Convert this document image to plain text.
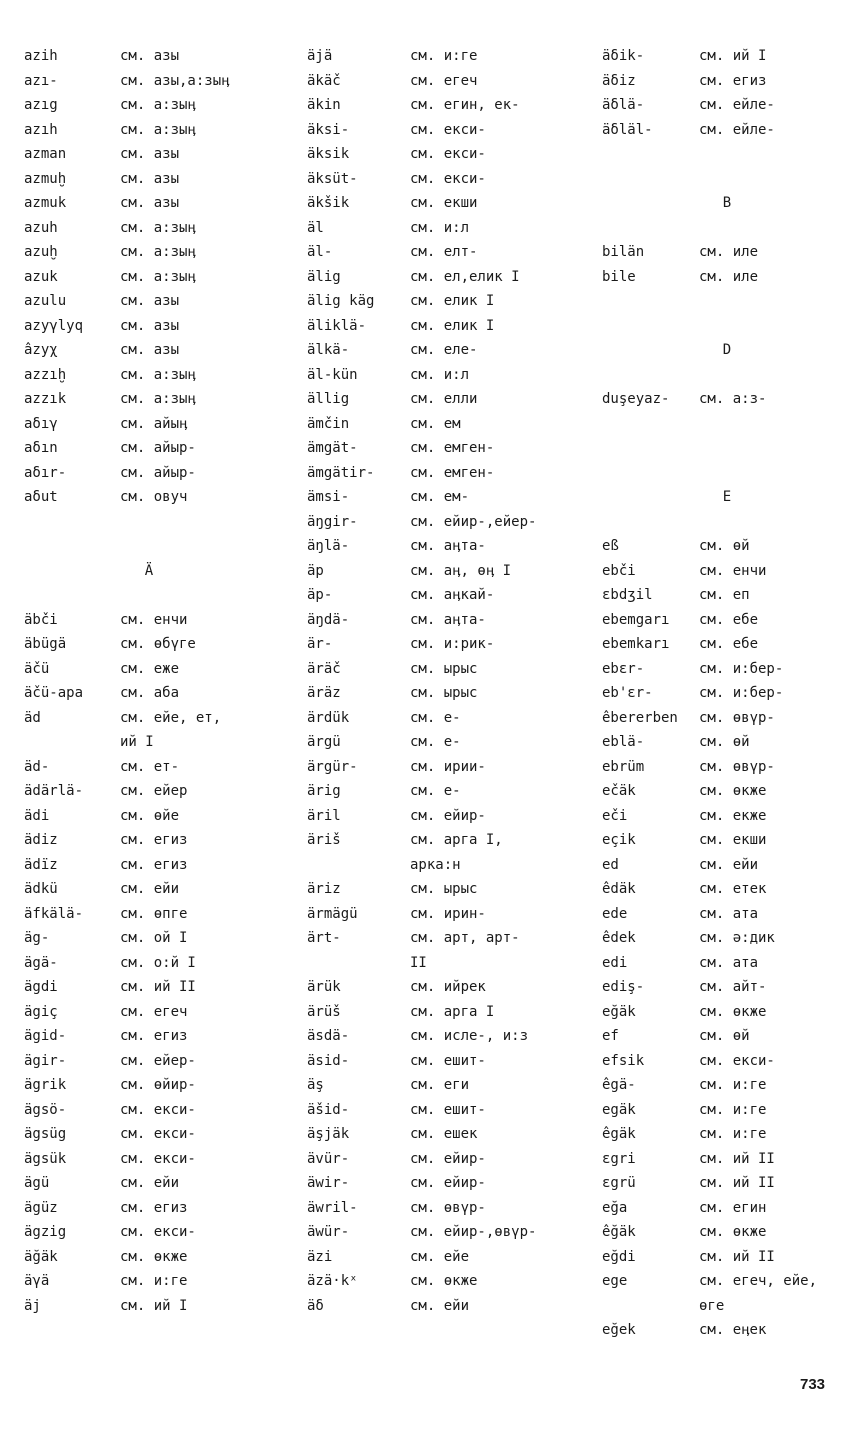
azih	см. азы
azı-	см. азы,а:зыӊ
azıg	см. а:зыӊ
azıh	см. а:зыӊ
azman	см. азы
azmuḫ	см. азы
azmuk	см. азы
azuh	см. а:зыӊ
azuḫ	см. а:зыӊ
azuk	см. а:зыӊ
azulu	см. азы
azyγlyq	см. азы
âzyχ	см. азы
azzıḫ	см. а:зыӊ
azzık	см. а:зыӊ
aδıγ	см. айыӊ
aδın	см. айыр-
aδır-	см. айыр-
aδut	см. овуч
Ä
äbči	см. енчи
äbügä	см. өбүге
äčü	см. еже
äčü-apa	см. аба
äd	см. ейе, ет,
ий I
äd-	см. ет-
ädärlä-	см. ейер
ädi	см. өйе
ädiz	см. егиз
ädïz	см. егиз
ädkü	см. ейи
äfkälä-	см. өпге
äg-	см. ой I
ägä-	см. о:й I
ägdi	см. ий II
ägiç	см. егеч
ägid-	см. егиз
ägir-	см. ейер-
ägrik	см. өйир-
ägsö-	см. екси-
ägsüg	см. екси-
ägsük	см. екси-
ägü	см. ейи
ägüz	см. егиз
ägzig	см. екси-
äğäk	см. өкже
äγä	см. и:ге
äj	см. ий I
äjä	см. и:ге
äkäč	см. егеч
äkin	см. егин, ек-
äksi-	см. екси-
äksik	см. екси-
äksüt-	см. екси-
äkšik	см. екши
äl	см. и:л
äl-	см. елт-
älig	см. ел,елик I
älig käg	см. елик I
äliklä-	см. елик I
älkä-	см. еле-
äl-kün	см. и:л
ällig	см. елли
ämčin	см. ем
ämgät-	см. емген-
ämgätir-	см. емген-
ämsi-	см. ем-
äŋgir-	см. ейир-,ейер-
äŋlä-	см. аӊта-
äp	см. аӊ, өӊ I
äp-	см. аӊкай-
äŋdä-	см. аӊта-
är-	см. и:рик-
äräč	см. ырыс
äräz	см. ырыс
ärdük	см. е-
ärgü	см. е-
ärgür-	см. ирии-
ärig	см. е-
äril	см. ейир-
äriš	см. арга I,
арка:н
äriz	см. ырыс
ärmägü	см. ирин-
ärt-	см. арт, арт-
II
ärük	см. ийрек
ärüš	см. арга I
äsdä-	см. исле-, и:з
äsid-	см. ешит-
äş	см. еги
äšid-	см. ешит-
äşjäk	см. ешек
ävür-	см. ейир-
äwir-	см. ейир-
äwril-	см. өвүр-
äwür-	см. ейир-,өвүр-
äzi	см. ейе
äzä·kˣ	см. өкже
äδ	см. ейи
äδik-	см. ий I
äδiz	см. егиз
äδlä-	см. ейле-
äδläl-	см. ейле-
B
bilän	см. иле
bile	см. иле
D
duşeyaz- см. а:з-
E
eß	см. өй
ebči	см. енчи
ɛbdʒil	см. еп
ebemgarı см. ебе
ebemkarı см. ебе
ebɛr-	см. и:бер-
eb'ɛr-	см. и:бер-
êbererben см. өвүр-
eblä-	см. өй
ebrüm	см. өвүр-
ečäk	см. өкже
eči	см. екже
eçik	см. екши
ed	см. ейи
êdäk	см. етек
ede	см. ата
êdek	см. ә:дик
edi	см. ата
ediş-	см. айт-
eğäk	см. өкже
ef	см. өй
efsik	см. екси-
êgä-	см. и:ге
egäk	см. и:ге
êgäk	см. и:ге
ɛgri	см. ий II
ɛgrü	см. ий II
eğa	см. егин
êğäk	см. өкже
eğdi	см. ий II
ege	см. егеч, ейе,
өге
eğek	см. еӊек
733
